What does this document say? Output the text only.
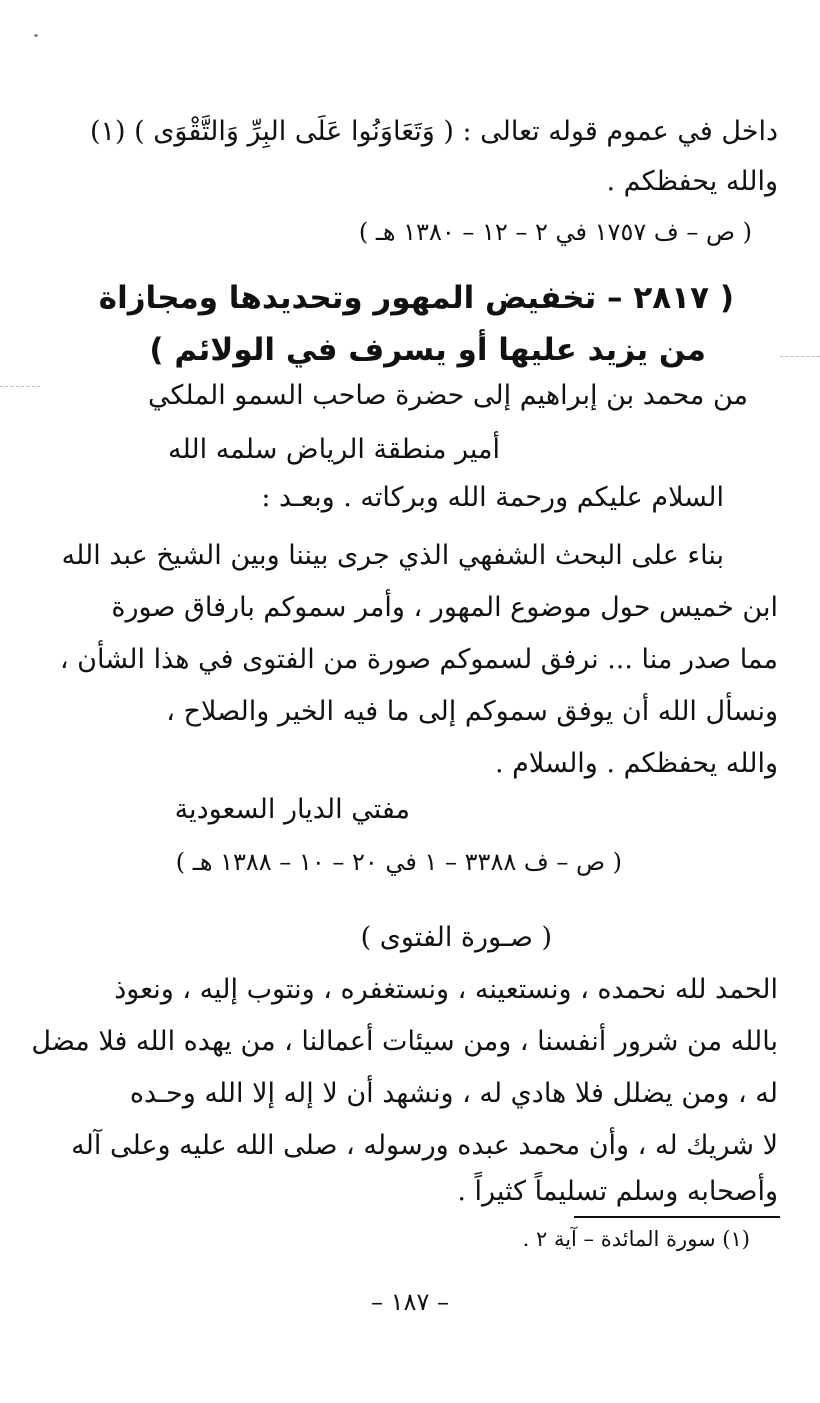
داخل في عموم قوله تعالى : ( وَتَعَاوَنُوا عَلَى البِرِّ وَالتَّقْوَى ) (١)
والله يحفظكم .
( ص – ف ١٧٥٧ في ٢ – ١٢ – ١٣٨٠ هـ )
( ٢٨١٧ – تخفيض المهور وتحديدها ومجازاة
من يزيد عليها أو يسرف في الولائم )
من محمد بن إبراهيم إلى حضرة صاحب السمو الملكي
أمير منطقة الرياض سلمه الله
السلام عليكم ورحمة الله وبركاته . وبعـد :
بناء على البحث الشفهي الذي جرى بيننا وبين الشيخ عبد الله
ابن خميس حول موضوع المهور ، وأمر سموكم بارفاق صورة
مما صدر منا ... نرفق لسموكم صورة من الفتوى في هذا الشأن ،
ونسأل الله أن يوفق سموكم إلى ما فيه الخير والصلاح ،
والله يحفظكم . والسلام .
مفتي الديار السعودية
( ص – ف ٣٣٨٨ – ١ في ٢٠ – ١٠ – ١٣٨٨ هـ )
( صـورة الفتوى )
الحمد لله نحمده ، ونستعينه ، ونستغفره ، ونتوب إليه ، ونعوذ
بالله من شرور أنفسنا ، ومن سيئات أعمالنا ، من يهده الله فلا مضل
له ، ومن يضلل فلا هادي له ، ونشهد أن لا إله إلا الله وحـده
لا شريك له ، وأن محمد عبده ورسوله ، صلى الله عليه وعلى آله
وأصحابه وسلم تسليماً كثيراً .
(١) سورة المائدة – آية ٢ .
– ١٨٧ –
